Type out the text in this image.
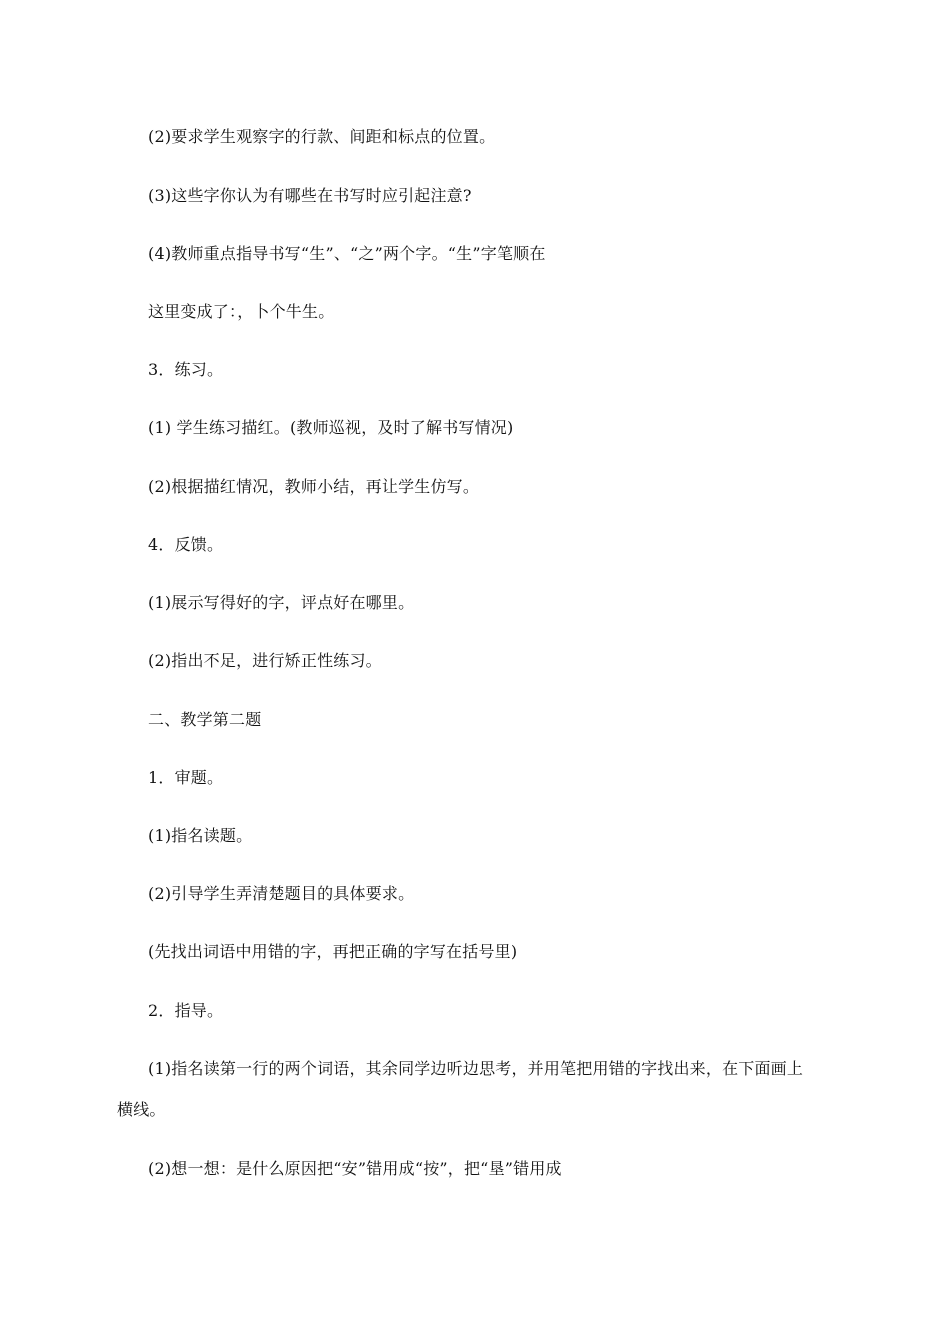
(2)要求学生观察字的行款、间距和标点的位置。
(3)这些字你认为有哪些在书写时应引起注意?
(4)教师重点指导书写“生”、“之”两个字。“生”字笔顺在
这里变成了：，卜个牛生。
3．练习。
(1) 学生练习描红。(教师巡视，及时了解书写情况)
(2)根据描红情况，教师小结，再让学生仿写。
4．反馈。
(1)展示写得好的字，评点好在哪里。
(2)指出不足，进行矫正性练习。
二、教学第二题
1．审题。
(1)指名读题。
(2)引导学生弄清楚题目的具体要求。
(先找出词语中用错的字，再把正确的字写在括号里)
2．指导。
(1)指名读第一行的两个词语，其余同学边听边思考，并用笔把用错的字找出来，在下面画上
横线。
(2)想一想：是什么原因把“安”错用成“按”，把“垦”错用成
